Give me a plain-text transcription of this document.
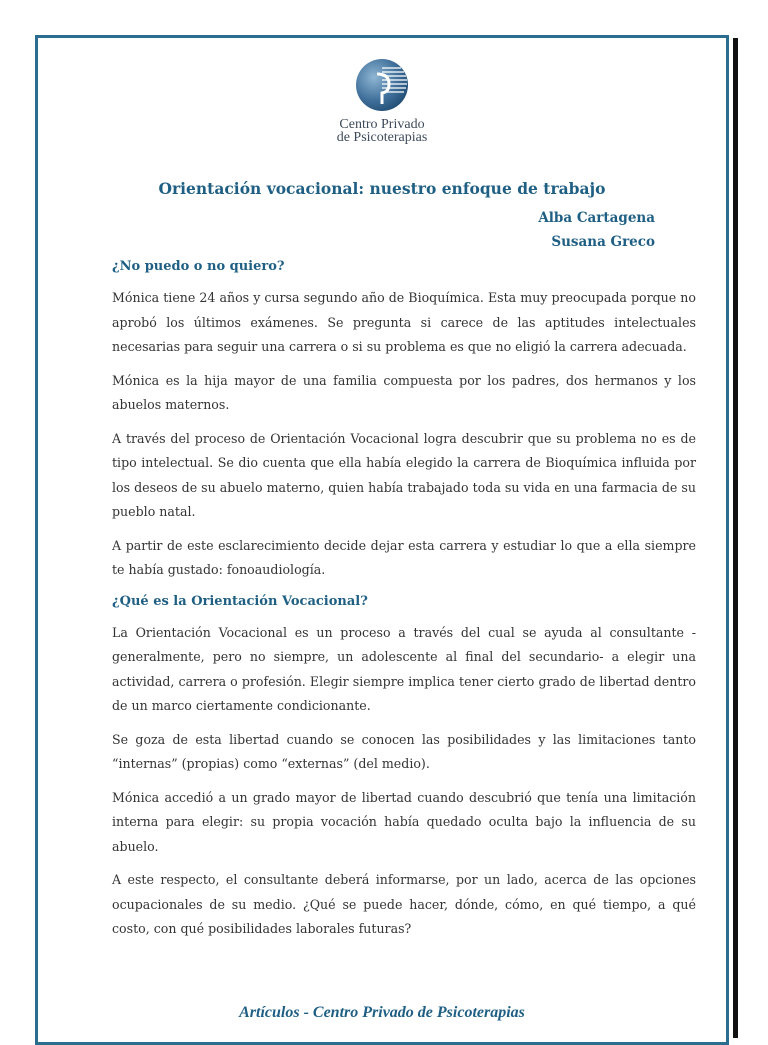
Centro Privado
de Psicoterapias
Orientación vocacional: nuestro enfoque de trabajo
Alba Cartagena
Susana Greco
¿No puedo o no quiero?

Mónica tiene 24 años y cursa segundo año de Bioquímica. Esta muy preocupada porque no aprobó los últimos exámenes. Se pregunta si carece de las aptitudes intelectuales necesarias para seguir una carrera o si su problema es que no eligió la carrera adecuada.

Mónica es la hija mayor de una familia compuesta por los padres, dos hermanos y los abuelos maternos.

A través del proceso de Orientación Vocacional logra descubrir que su problema no es de tipo intelectual. Se dio cuenta que ella había elegido la carrera de Bioquímica influida por los deseos de su abuelo materno, quien había trabajado toda su vida en una farmacia de su pueblo natal.

A partir de este esclarecimiento decide dejar esta carrera y estudiar lo que a ella siempre te había gustado: fonoaudiología.

¿Qué es la Orientación Vocacional?

La Orientación Vocacional es un proceso a través del cual se ayuda al consultante -generalmente, pero no siempre, un adolescente al final del secundario- a elegir una actividad, carrera o profesión. Elegir siempre implica tener cierto grado de libertad dentro de un marco ciertamente condicionante.

Se goza de esta libertad cuando se conocen las posibilidades y las limitaciones tanto “internas” (propias) como “externas” (del medio).

Mónica accedió a un grado mayor de libertad cuando descubrió que tenía una limitación interna para elegir: su propia vocación había quedado oculta bajo la influencia de su abuelo.

A este respecto, el consultante deberá informarse, por un lado, acerca de las opciones ocupacionales de su medio. ¿Qué se puede hacer, dónde, cómo, en qué tiempo, a qué costo, con qué posibilidades laborales futuras?

Artículos - Centro Privado de Psicoterapias
